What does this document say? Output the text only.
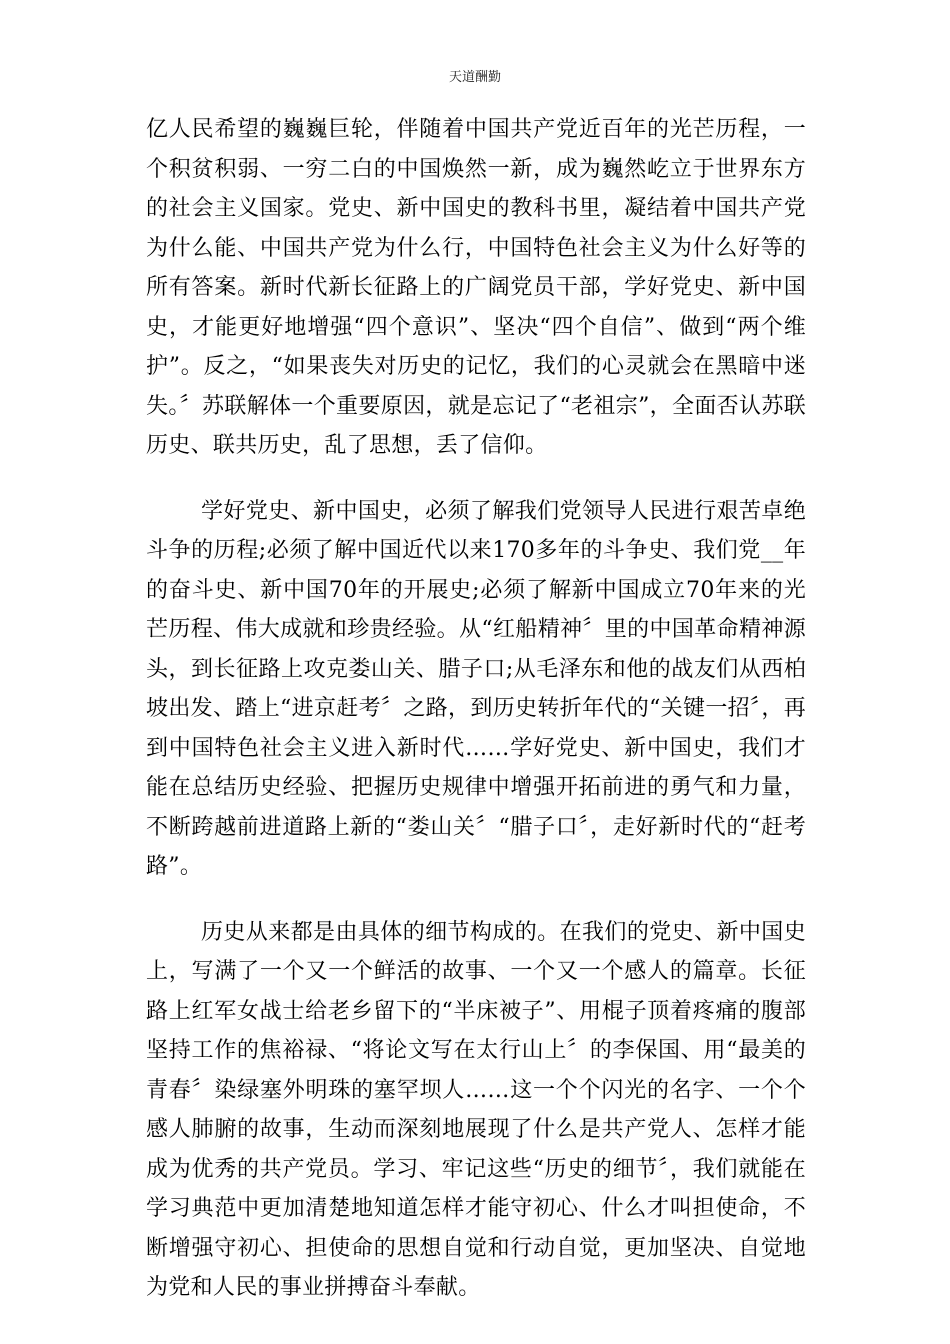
天道酬勤

亿人民希望的巍巍巨轮，伴随着中国共产党近百年的光芒历程，一个积贫积弱、一穷二白的中国焕然一新，成为巍然屹立于世界东方的社会主义国家。党史、新中国史的教科书里，凝结着中国共产党为什么能、中国共产党为什么行，中国特色社会主义为什么好等的所有答案。新时代新长征路上的广阔党员干部，学好党史、新中国史，才能更好地增强“四个意识”、坚决“四个自信”、做到“两个维护”。反之，“如果丧失对历史的记忆，我们的心灵就会在黑暗中迷失。〞苏联解体一个重要原因，就是忘记了“老祖宗”，全面否认苏联历史、联共历史，乱了思想，丢了信仰。

学好党史、新中国史，必须了解我们党领导人民进行艰苦卓绝斗争的历程;必须了解中国近代以来170多年的斗争史、我们党__年的奋斗史、新中国70年的开展史;必须了解新中国成立70年来的光芒历程、伟大成就和珍贵经验。从“红船精神〞里的中国革命精神源头，到长征路上攻克娄山关、腊子口;从毛泽东和他的战友们从西柏坡出发、踏上“进京赶考〞之路，到历史转折年代的“关键一招〞，再到中国特色社会主义进入新时代……学好党史、新中国史，我们才能在总结历史经验、把握历史规律中增强开拓前进的勇气和力量，不断跨越前进道路上新的“娄山关〞“腊子口〞，走好新时代的“赶考路”。

历史从来都是由具体的细节构成的。在我们的党史、新中国史上，写满了一个又一个鲜活的故事、一个又一个感人的篇章。长征路上红军女战士给老乡留下的“半床被子”、用棍子顶着疼痛的腹部坚持工作的焦裕禄、“将论文写在太行山上〞的李保国、用“最美的青春〞染绿塞外明珠的塞罕坝人……这一个个闪光的名字、一个个感人肺腑的故事，生动而深刻地展现了什么是共产党人、怎样才能成为优秀的共产党员。学习、牢记这些“历史的细节〞，我们就能在学习典范中更加清楚地知道怎样才能守初心、什么才叫担使命，不断增强守初心、担使命的思想自觉和行动自觉，更加坚决、自觉地为党和人民的事业拼搏奋斗奉献。
